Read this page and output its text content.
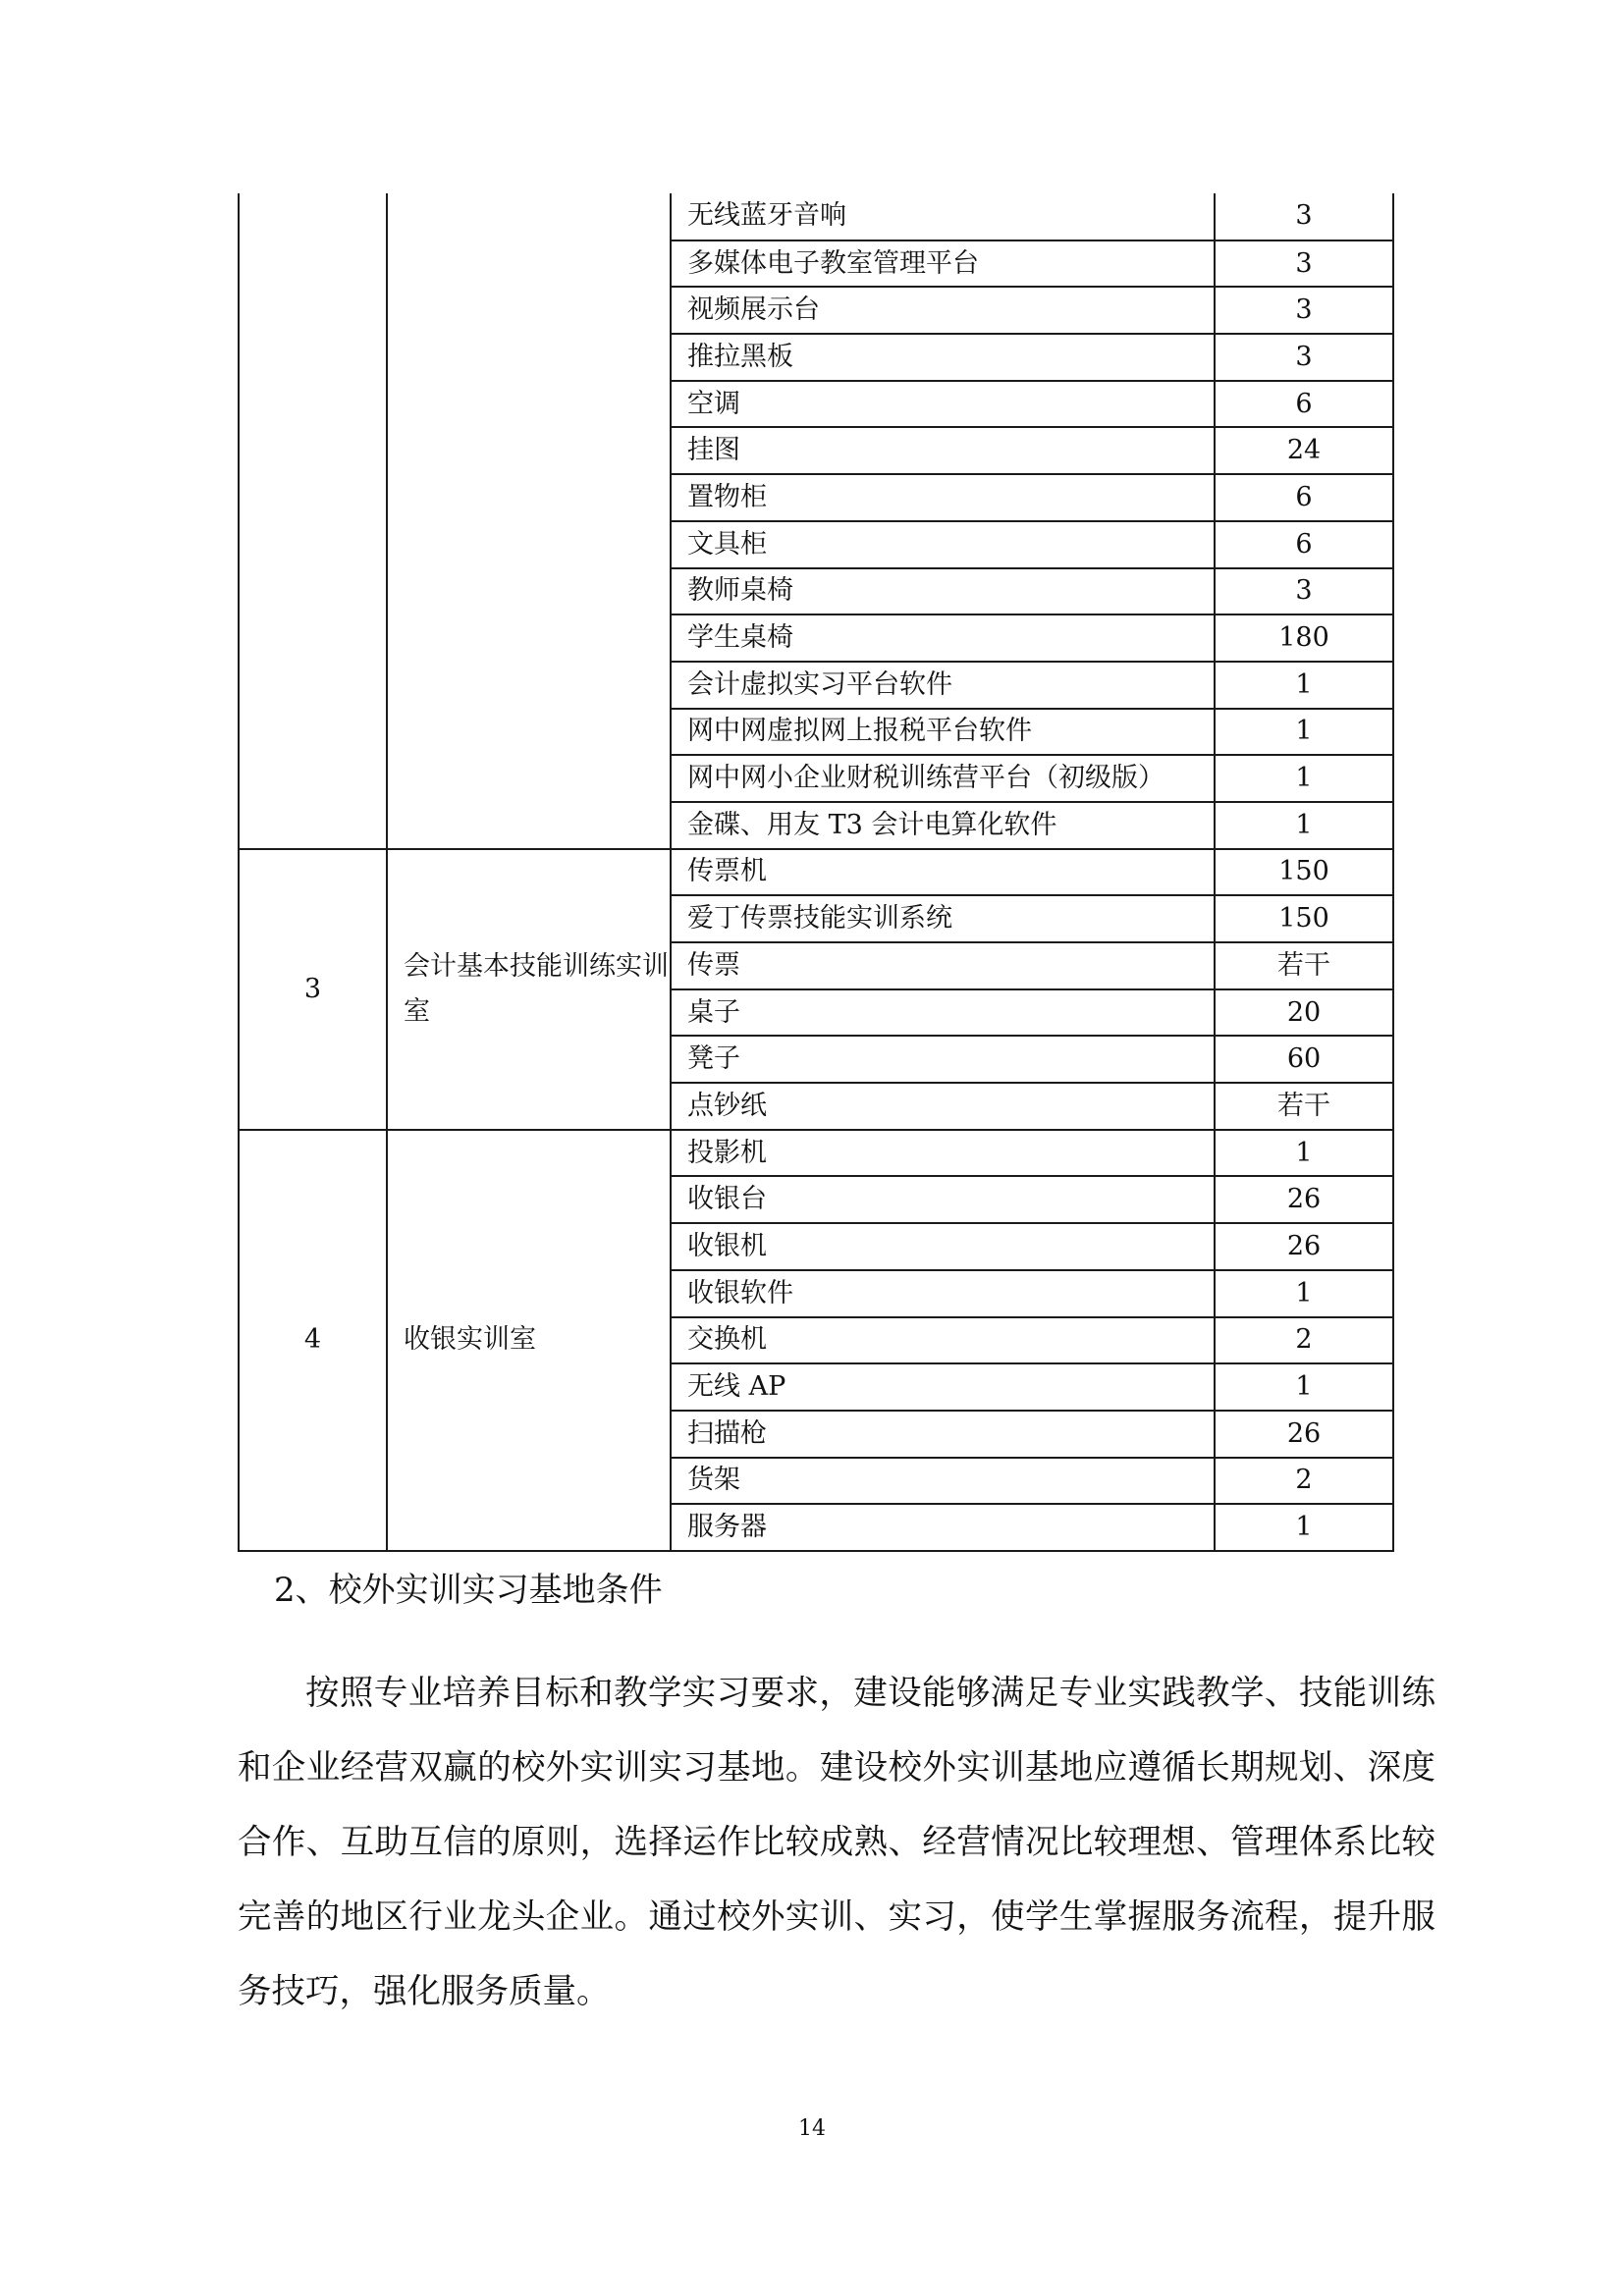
		无线蓝牙音响	3
		多媒体电子教室管理平台	3
		视频展示台	3
		推拉黑板	3
		空调	6
		挂图	24
		置物柜	6
		文具柜	6
		教师桌椅	3
		学生桌椅	180
		会计虚拟实习平台软件	1
		网中网虚拟网上报税平台软件	1
		网中网小企业财税训练营平台（初级版）	1
		金碟、用友 T3 会计电算化软件	1
3	会计基本技能训练实训室	传票机	150
		爱丁传票技能实训系统	150
		传票	若干
		桌子	20
		凳子	60
		点钞纸	若干
4	收银实训室	投影机	1
		收银台	26
		收银机	26
		收银软件	1
		交换机	2
		无线 AP	1
		扫描枪	26
		货架	2
		服务器	1
2、校外实训实习基地条件

按照专业培养目标和教学实习要求，建设能够满足专业实践教学、技能训练和企业经营双赢的校外实训实习基地。建设校外实训基地应遵循长期规划、深度合作、互助互信的原则，选择运作比较成熟、经营情况比较理想、管理体系比较完善的地区行业龙头企业。通过校外实训、实习，使学生掌握服务流程，提升服务技巧，强化服务质量。

14
